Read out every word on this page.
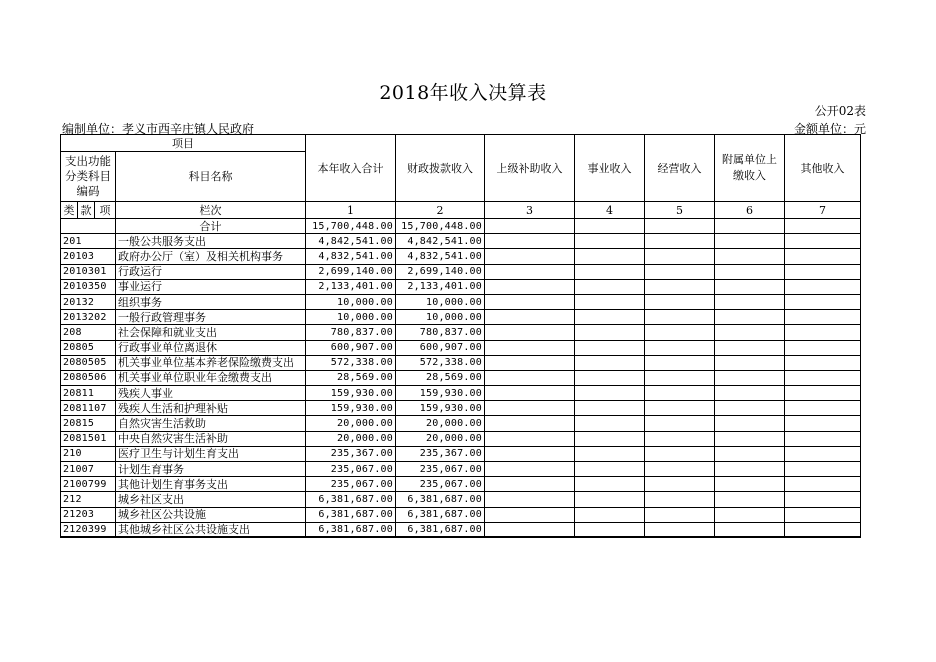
2018年收入决算表
公开02表
编制单位：孝义市西辛庄镇人民政府	金额单位：元
项目				本年收入合计	财政拨款收入	上级补助收入	事业收入	经营收入	附属单位上缴收入	其他收入
支出功能分类科目编码			科目名称							
类	款	项	栏次	1	2	3	4	5	6	7
			合计	15,700,448.00	15,700,448.00					
201			一般公共服务支出	4,842,541.00	4,842,541.00					
20103			政府办公厅（室）及相关机构事务	4,832,541.00	4,832,541.00					
2010301			行政运行	2,699,140.00	2,699,140.00					
2010350			事业运行	2,133,401.00	2,133,401.00					
20132			组织事务	10,000.00	10,000.00					
2013202			一般行政管理事务	10,000.00	10,000.00					
208			社会保障和就业支出	780,837.00	780,837.00					
20805			行政事业单位离退休	600,907.00	600,907.00					
2080505			机关事业单位基本养老保险缴费支出	572,338.00	572,338.00					
2080506			机关事业单位职业年金缴费支出	28,569.00	28,569.00					
20811			残疾人事业	159,930.00	159,930.00					
2081107			残疾人生活和护理补贴	159,930.00	159,930.00					
20815			自然灾害生活救助	20,000.00	20,000.00					
2081501			中央自然灾害生活补助	20,000.00	20,000.00					
210			医疗卫生与计划生育支出	235,367.00	235,367.00					
21007			计划生育事务	235,067.00	235,067.00					
2100799			其他计划生育事务支出	235,067.00	235,067.00					
212			城乡社区支出	6,381,687.00	6,381,687.00					
21203			城乡社区公共设施	6,381,687.00	6,381,687.00					
2120399			其他城乡社区公共设施支出	6,381,687.00	6,381,687.00					
